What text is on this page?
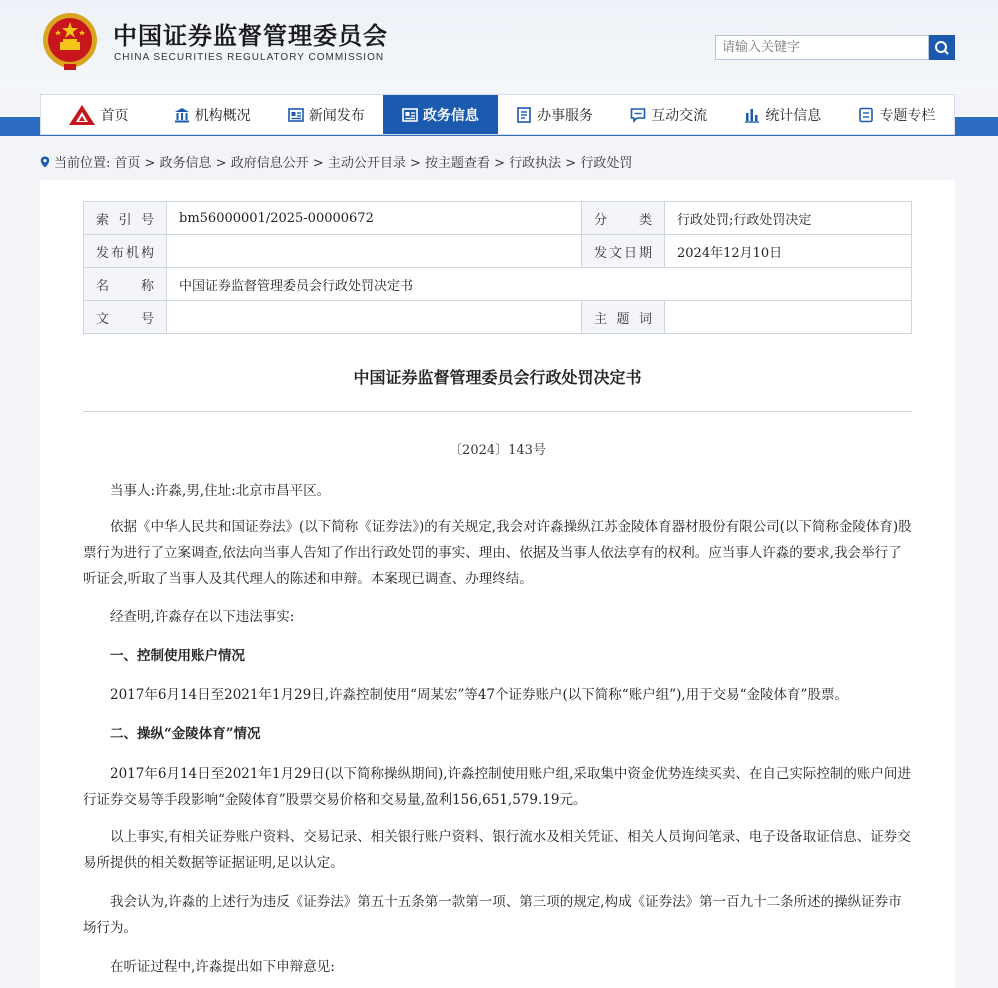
中国证券监督管理委员会
CHINA SECURITIES REGULATORY COMMISSION
请输入关键字
首页	机构概况	新闻发布	政务信息	办事服务	互动交流	统计信息	专题专栏
当前位置: 首页 > 政务信息 > 政府信息公开 > 主动公开目录 > 按主题查看 > 行政执法 > 行政处罚
索 引 号	bm56000001/2025-00000672	分　　类	行政处罚;行政处罚决定
发布机构		发文日期	2024年12月10日
名　　称	中国证券监督管理委员会行政处罚决定书		
文　　号		主 题 词	
中国证券监督管理委员会行政处罚决定书
〔2024〕143号

当事人:许淼,男,住址:北京市昌平区。

依据《中华人民共和国证券法》(以下简称《证券法》)的有关规定,我会对许淼操纵江苏金陵体育器材股份有限公司(以下简称金陵体育)股票行为进行了立案调查,依法向当事人告知了作出行政处罚的事实、理由、依据及当事人依法享有的权利。应当事人许淼的要求,我会举行了听证会,听取了当事人及其代理人的陈述和申辩。本案现已调查、办理终结。

经查明,许淼存在以下违法事实:

一、控制使用账户情况

2017年6月14日至2021年1月29日,许淼控制使用“周某宏”等47个证券账户(以下简称“账户组”),用于交易“金陵体育”股票。

二、操纵“金陵体育”情况

2017年6月14日至2021年1月29日(以下简称操纵期间),许淼控制使用账户组,采取集中资金优势连续买卖、在自己实际控制的账户间进行证券交易等手段影响“金陵体育”股票交易价格和交易量,盈利156,651,579.19元。

以上事实,有相关证券账户资料、交易记录、相关银行账户资料、银行流水及相关凭证、相关人员询问笔录、电子设备取证信息、证券交易所提供的相关数据等证据证明,足以认定。

我会认为,许淼的上述行为违反《证券法》第五十五条第一款第一项、第三项的规定,构成《证券法》第一百九十二条所述的操纵证券市场行为。

在听证过程中,许淼提出如下申辩意见:
